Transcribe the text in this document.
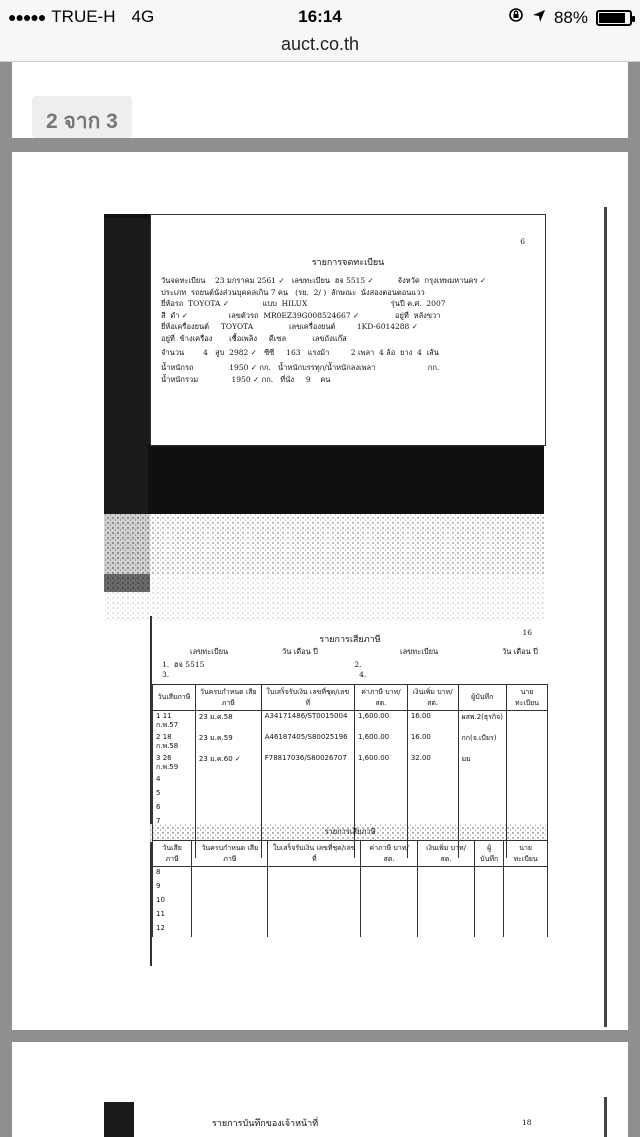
●●●●● TRUE-H 4G	16:14	88%
auct.co.th
2 จาก 3
6
รายการจดทะเบียน
วันจดทะเบียน    23 มกราคม 2561 ✓   เลขทะเบียน  ฮจ 5515 ✓          จังหวัด  กรุงเทพมหานคร ✓
ประเภท  รถยนต์นั่งส่วนบุคคลเกิน 7 คน   (รย.  2/ )  ลักษณะ  นั่งสองตอนตอนแวว
ยี่ห้อรถ  TOYOTA ✓              แบบ  HILUX                                   รุ่นปี ค.ศ.  2007
สี  ดำ ✓                 เลขตัวรถ  MR0EZ39G008524667 ✓               อยู่ที่  หลังขวา
ยี่ห้อเครื่องยนต์     TOYOTA               เลขเครื่องยนต์         1KD-6014288 ✓
อยู่ที่  ข้างเครื่อง       เชื้อเพลิง     ดีเซล           เลขถังแก๊ส
จำนวน        4   สูบ  2982 ✓   ซีซี     163   แรงม้า         2 เพลา  4 ล้อ  ยาง  4  เส้น
น้ำหนักรถ               1950 ✓ กก.   น้ำหนักบรรทุก/น้ำหนักลงเพลา                      กก.
น้ำหนักรวม              1950 ✓ กก.   ที่นั่ง     9    คน
16
รายการเสียภาษี
เลขทะเบียน	วัน เดือน ปี	เลขทะเบียน	วัน เดือน ปี
1. ฮจ 5515	2.
3.	4.
วันเสียภาษี	วันครบกำหนด เสียภาษี	ใบเสร็จรับเงิน เลขที่ชุด/เลขที่	ค่าภาษี บาท/สต.	เงินเพิ่ม บาท/สต.	ผู้บันทึก	นายทะเบียน
1 11 ก.พ.57	23 ม.ค.58	A34171486/ST0015004	1,600.00	16.00	ผสพ.2(ธุรกิจ)	
2 18 ก.พ.58	23 ม.ค.59	A46187405/S80025196	1,600.00	16.00	กก(จ.เบียร)	
3 26 ก.พ.59	23 ม.ค.60 ✓	F78817036/S80026707	1,600.00	32.00	มม	
4						
5						
6						
7						

รายการเสียภาษี
วันเสียภาษี	วันครบกำหนด เสียภาษี	ใบเสร็จรับเงิน เลขที่ชุด/เลขที่	ค่าภาษี บาท/สต.	เงินเพิ่ม บาท/สต.	ผู้บันทึก	นายทะเบียน
8						
9						
10						
11						
12						
รายการบันทึกของเจ้าหน้าที่	18
